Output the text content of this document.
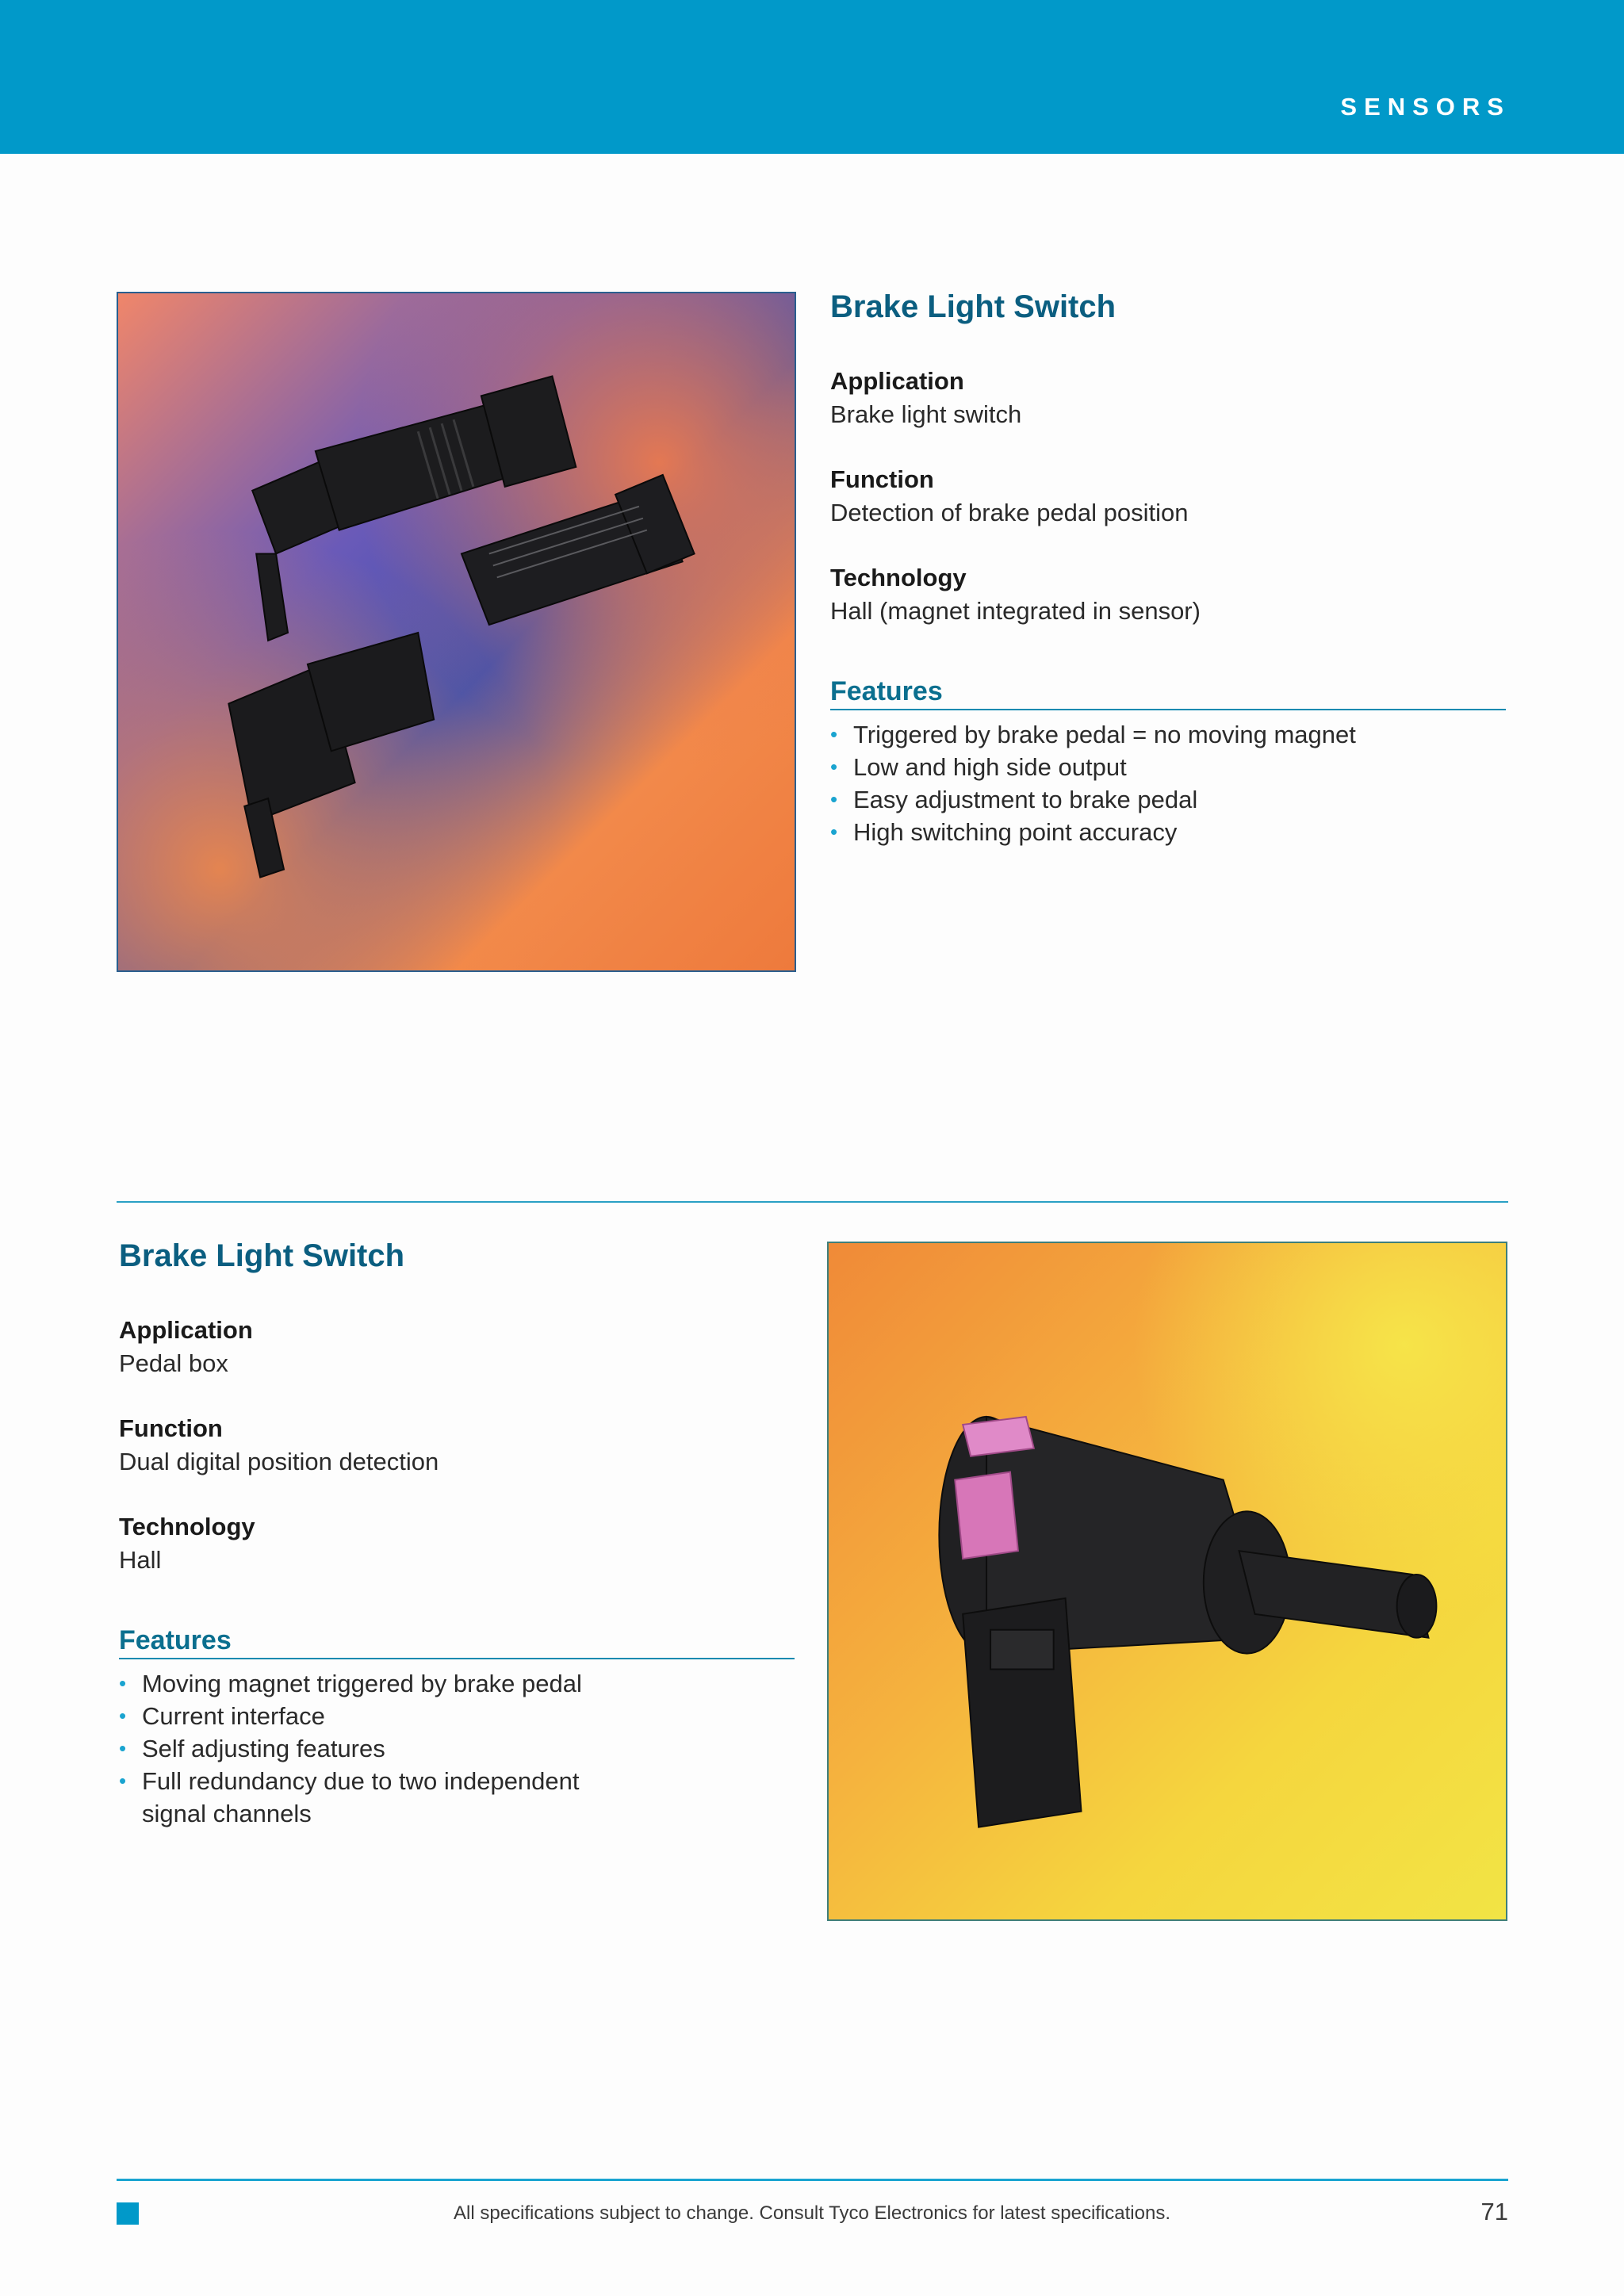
SENSORS
Brake Light Switch
Application
Brake light switch
Function
Detection of brake pedal position
Technology
Hall (magnet integrated in sensor)
Features
• Triggered by brake pedal = no moving magnet
• Low and high side output
• Easy adjustment to brake pedal
• High switching point accuracy
Brake Light Switch
Application
Pedal box
Function
Dual digital position detection
Technology
Hall
Features
• Moving magnet triggered by brake pedal
• Current interface
• Self adjusting features
• Full redundancy due to two independent signal channels
All specifications subject to change. Consult Tyco Electronics for latest specifications.	71
